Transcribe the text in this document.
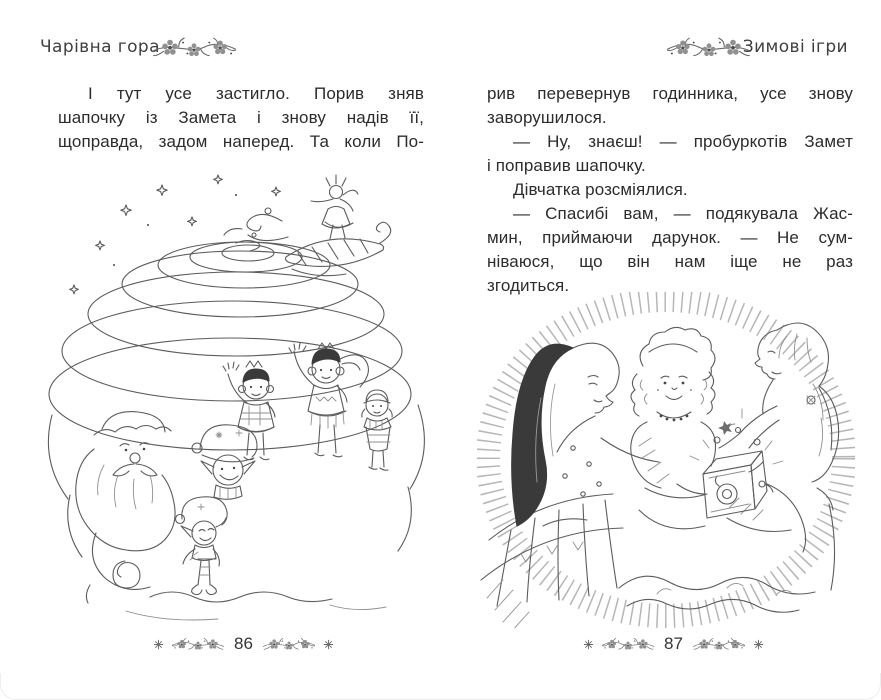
Чарівна гора	Зимові ігри
І тут усе застигло. Порив зняв
шапочку із Замета і знову надів її,
щоправда, задом наперед. Та коли По-
рив перевернув годинника, усе знову
заворушилося.
— Ну, знаєш! — пробуркотів Замет
і поправив шапочку.
Дівчатка розсміялися.
— Спасибі вам, — подякувала Жас-
мин, приймаючи дарунок. — Не сум-
ніваюся, що він нам іще не раз
згодиться.
86	87
